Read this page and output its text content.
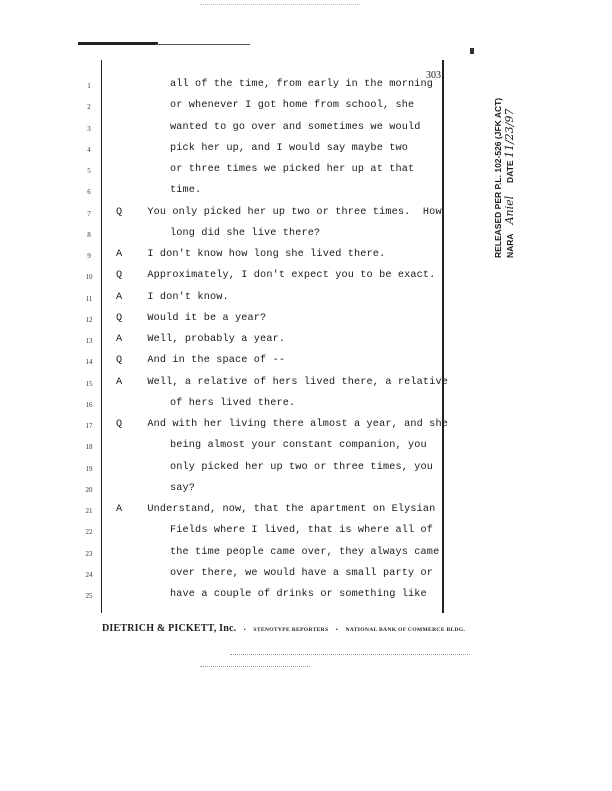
303
1	all of the time, from early in the morning
2	or whenever I got home from school, she
3	wanted to go over and sometimes we would
4	pick her up, and I would say maybe two
5	or three times we picked her up at that
6	time.
7	Q    You only picked her up two or three times.  How
8	long did she live there?
9	A    I don't know how long she lived there.
10	Q    Approximately, I don't expect you to be exact.
11	A    I don't know.
12	Q    Would it be a year?
13	A    Well, probably a year.
14	Q    And in the space of --
15	A    Well, a relative of hers lived there, a relative
16	of hers lived there.
17	Q    And with her living there almost a year, and she
18	being almost your constant companion, you
19	only picked her up two or three times, you
20	say?
21	A    Understand, now, that the apartment on Elysian
22	Fields where I lived, that is where all of
23	the time people came over, they always came
24	over there, we would have a small party or
25	have a couple of drinks or something like
RELEASED PER P.L. 102-526 (JFK ACT) NARA   Aniel    DATE 11/23/97
DIETRICH & PICKETT, Inc.   •   STENOTYPE REPORTERS   •   NATIONAL BANK OF COMMERCE BLDG.
